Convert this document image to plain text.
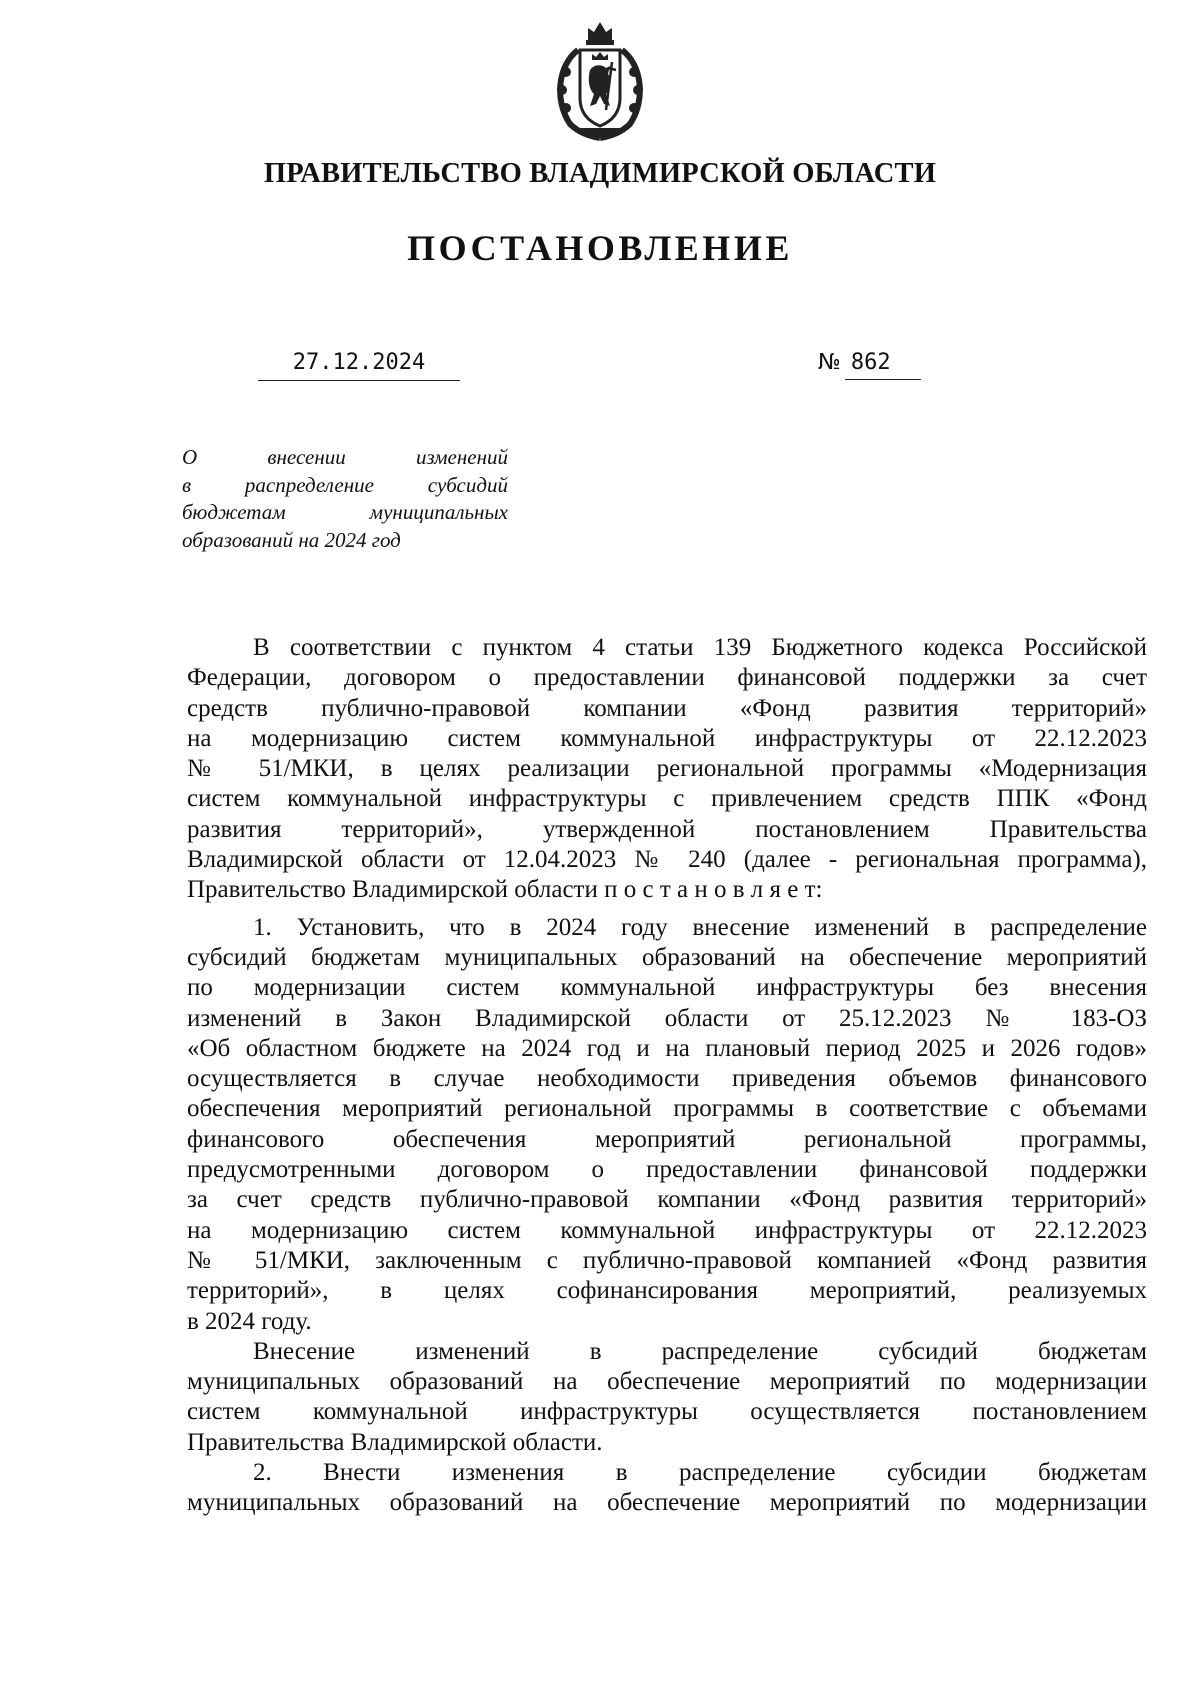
ПРАВИТЕЛЬСТВО ВЛАДИМИРСКОЙ ОБЛАСТИ
ПОСТАНОВЛЕНИЕ
27.12.2024	№ 862
О внесении изменений
в распределение субсидий
бюджетам муниципальных
образований на 2024 год

В соответствии с пунктом 4 статьи 139 Бюджетного кодекса Российской
Федерации, договором о предоставлении финансовой поддержки за счет
средств публично-правовой компании «Фонд развития территорий»
на модернизацию систем коммунальной инфраструктуры от 22.12.2023
№ 51/МКИ, в целях реализации региональной программы «Модернизация
систем коммунальной инфраструктуры с привлечением средств ППК «Фонд
развития территорий», утвержденной постановлением Правительства
Владимирской области от 12.04.2023 № 240 (далее - региональная программа),
Правительство Владимирской области п о с т а н о в л я е т:

1. Установить, что в 2024 году внесение изменений в распределение
субсидий бюджетам муниципальных образований на обеспечение мероприятий
по модернизации систем коммунальной инфраструктуры без внесения
изменений в Закон Владимирской области от 25.12.2023 № 183-ОЗ
«Об областном бюджете на 2024 год и на плановый период 2025 и 2026 годов»
осуществляется в случае необходимости приведения объемов финансового
обеспечения мероприятий региональной программы в соответствие с объемами
финансового обеспечения мероприятий региональной программы,
предусмотренными договором о предоставлении финансовой поддержки
за счет средств публично-правовой компании «Фонд развития территорий»
на модернизацию систем коммунальной инфраструктуры от 22.12.2023
№ 51/МКИ, заключенным с публично-правовой компанией «Фонд развития
территорий», в целях софинансирования мероприятий, реализуемых
в 2024 году.

Внесение изменений в распределение субсидий бюджетам
муниципальных образований на обеспечение мероприятий по модернизации
систем коммунальной инфраструктуры осуществляется постановлением
Правительства Владимирской области.

2. Внести изменения в распределение субсидии бюджетам
муниципальных образований на обеспечение мероприятий по модернизации
